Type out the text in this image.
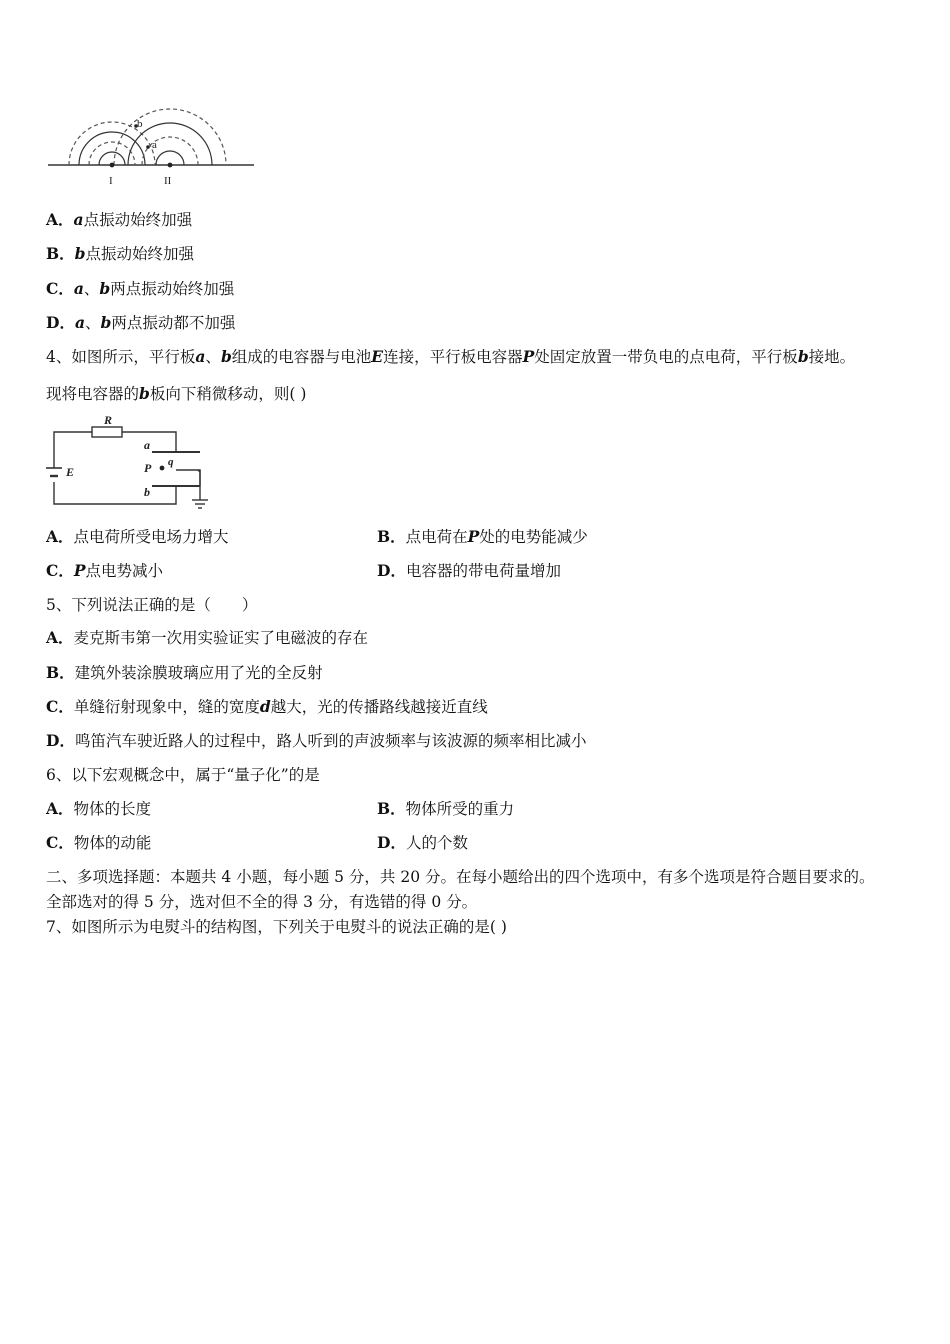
b
a
I	II
A．a点振动始终加强
B．b点振动始终加强
C．a、b两点振动始终加强
D．a、b两点振动都不加强
4、如图所示，平行板a、b组成的电容器与电池E连接，平行板电容器P处固定放置一带负电的点电荷，平行板b接地。
现将电容器的b板向下稍微移动，则( )
R
a
E	P q
b
A．点电荷所受电场力增大	B．点电荷在P处的电势能减少
C．P点电势减小	D．电容器的带电荷量增加
5、下列说法正确的是（　　）
A．麦克斯韦第一次用实验证实了电磁波的存在
B．建筑外装涂膜玻璃应用了光的全反射
C．单缝衍射现象中，缝的宽度d越大，光的传播路线越接近直线
D．鸣笛汽车驶近路人的过程中，路人听到的声波频率与该波源的频率相比减小
6、以下宏观概念中，属于“量子化”的是
A．物体的长度	B．物体所受的重力
C．物体的动能	D．人的个数
二、多项选择题：本题共 4 小题，每小题 5 分，共 20 分。在每小题给出的四个选项中，有多个选项是符合题目要求的。
全部选对的得 5 分，选对但不全的得 3 分，有选错的得 0 分。
7、如图所示为电熨斗的结构图，下列关于电熨斗的说法正确的是( )
